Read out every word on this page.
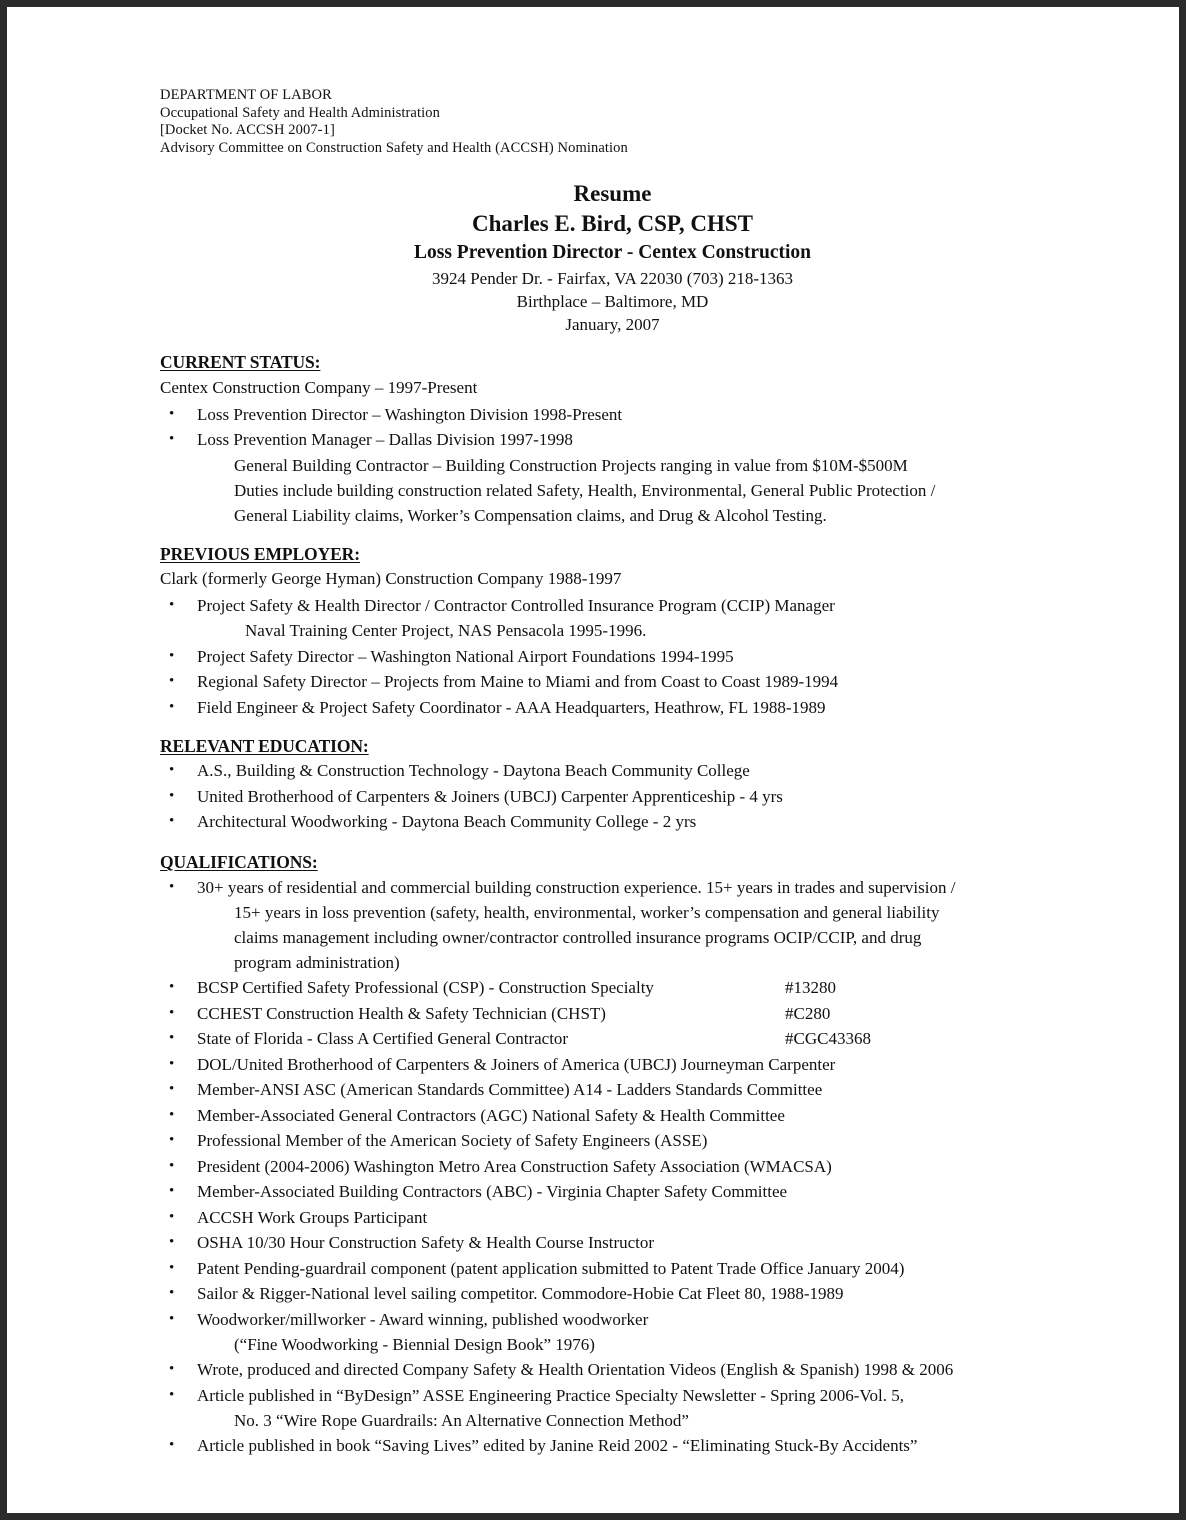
DEPARTMENT OF LABOR
Occupational Safety and Health Administration
[Docket No. ACCSH 2007-1]
Advisory Committee on Construction Safety and Health (ACCSH) Nomination
Resume
Charles E. Bird, CSP, CHST
Loss Prevention Director - Centex Construction
3924 Pender Dr. - Fairfax, VA 22030 (703) 218-1363
Birthplace – Baltimore, MD
January, 2007
CURRENT STATUS:
Centex Construction Company – 1997-Present
• Loss Prevention Director – Washington Division 1998-Present
• Loss Prevention Manager – Dallas Division 1997-1998
General Building Contractor – Building Construction Projects ranging in value from $10M-$500M
Duties include building construction related Safety, Health, Environmental, General Public Protection /
General Liability claims, Worker’s Compensation claims, and Drug & Alcohol Testing.
PREVIOUS EMPLOYER:
Clark (formerly George Hyman) Construction Company 1988-1997
• Project Safety & Health Director / Contractor Controlled Insurance Program (CCIP) Manager
Naval Training Center Project, NAS Pensacola 1995-1996.
• Project Safety Director – Washington National Airport Foundations 1994-1995
• Regional Safety Director – Projects from Maine to Miami and from Coast to Coast 1989-1994
• Field Engineer & Project Safety Coordinator - AAA Headquarters, Heathrow, FL 1988-1989
RELEVANT EDUCATION:
• A.S., Building & Construction Technology - Daytona Beach Community College
• United Brotherhood of Carpenters & Joiners (UBCJ) Carpenter Apprenticeship - 4 yrs
• Architectural Woodworking - Daytona Beach Community College - 2 yrs
QUALIFICATIONS:
• 30+ years of residential and commercial building construction experience. 15+ years in trades and supervision /
15+ years in loss prevention (safety, health, environmental, worker’s compensation and general liability
claims management including owner/contractor controlled insurance programs OCIP/CCIP, and drug
program administration)
• BCSP Certified Safety Professional (CSP) - Construction Specialty	#13280
• CCHEST Construction Health & Safety Technician (CHST)	#C280
• State of Florida - Class A Certified General Contractor	#CGC43368
• DOL/United Brotherhood of Carpenters & Joiners of America (UBCJ) Journeyman Carpenter
• Member-ANSI ASC (American Standards Committee) A14 - Ladders Standards Committee
• Member-Associated General Contractors (AGC) National Safety & Health Committee
• Professional Member of the American Society of Safety Engineers (ASSE)
• President (2004-2006) Washington Metro Area Construction Safety Association (WMACSA)
• Member-Associated Building Contractors (ABC) - Virginia Chapter Safety Committee
• ACCSH Work Groups Participant
• OSHA 10/30 Hour Construction Safety & Health Course Instructor
• Patent Pending-guardrail component (patent application submitted to Patent Trade Office January 2004)
• Sailor & Rigger-National level sailing competitor. Commodore-Hobie Cat Fleet 80, 1988-1989
• Woodworker/millworker - Award winning, published woodworker
(“Fine Woodworking - Biennial Design Book” 1976)
• Wrote, produced and directed Company Safety & Health Orientation Videos (English & Spanish) 1998 & 2006
• Article published in “ByDesign” ASSE Engineering Practice Specialty Newsletter - Spring 2006-Vol. 5,
No. 3 “Wire Rope Guardrails: An Alternative Connection Method”
• Article published in book “Saving Lives” edited by Janine Reid 2002 - “Eliminating Stuck-By Accidents”
